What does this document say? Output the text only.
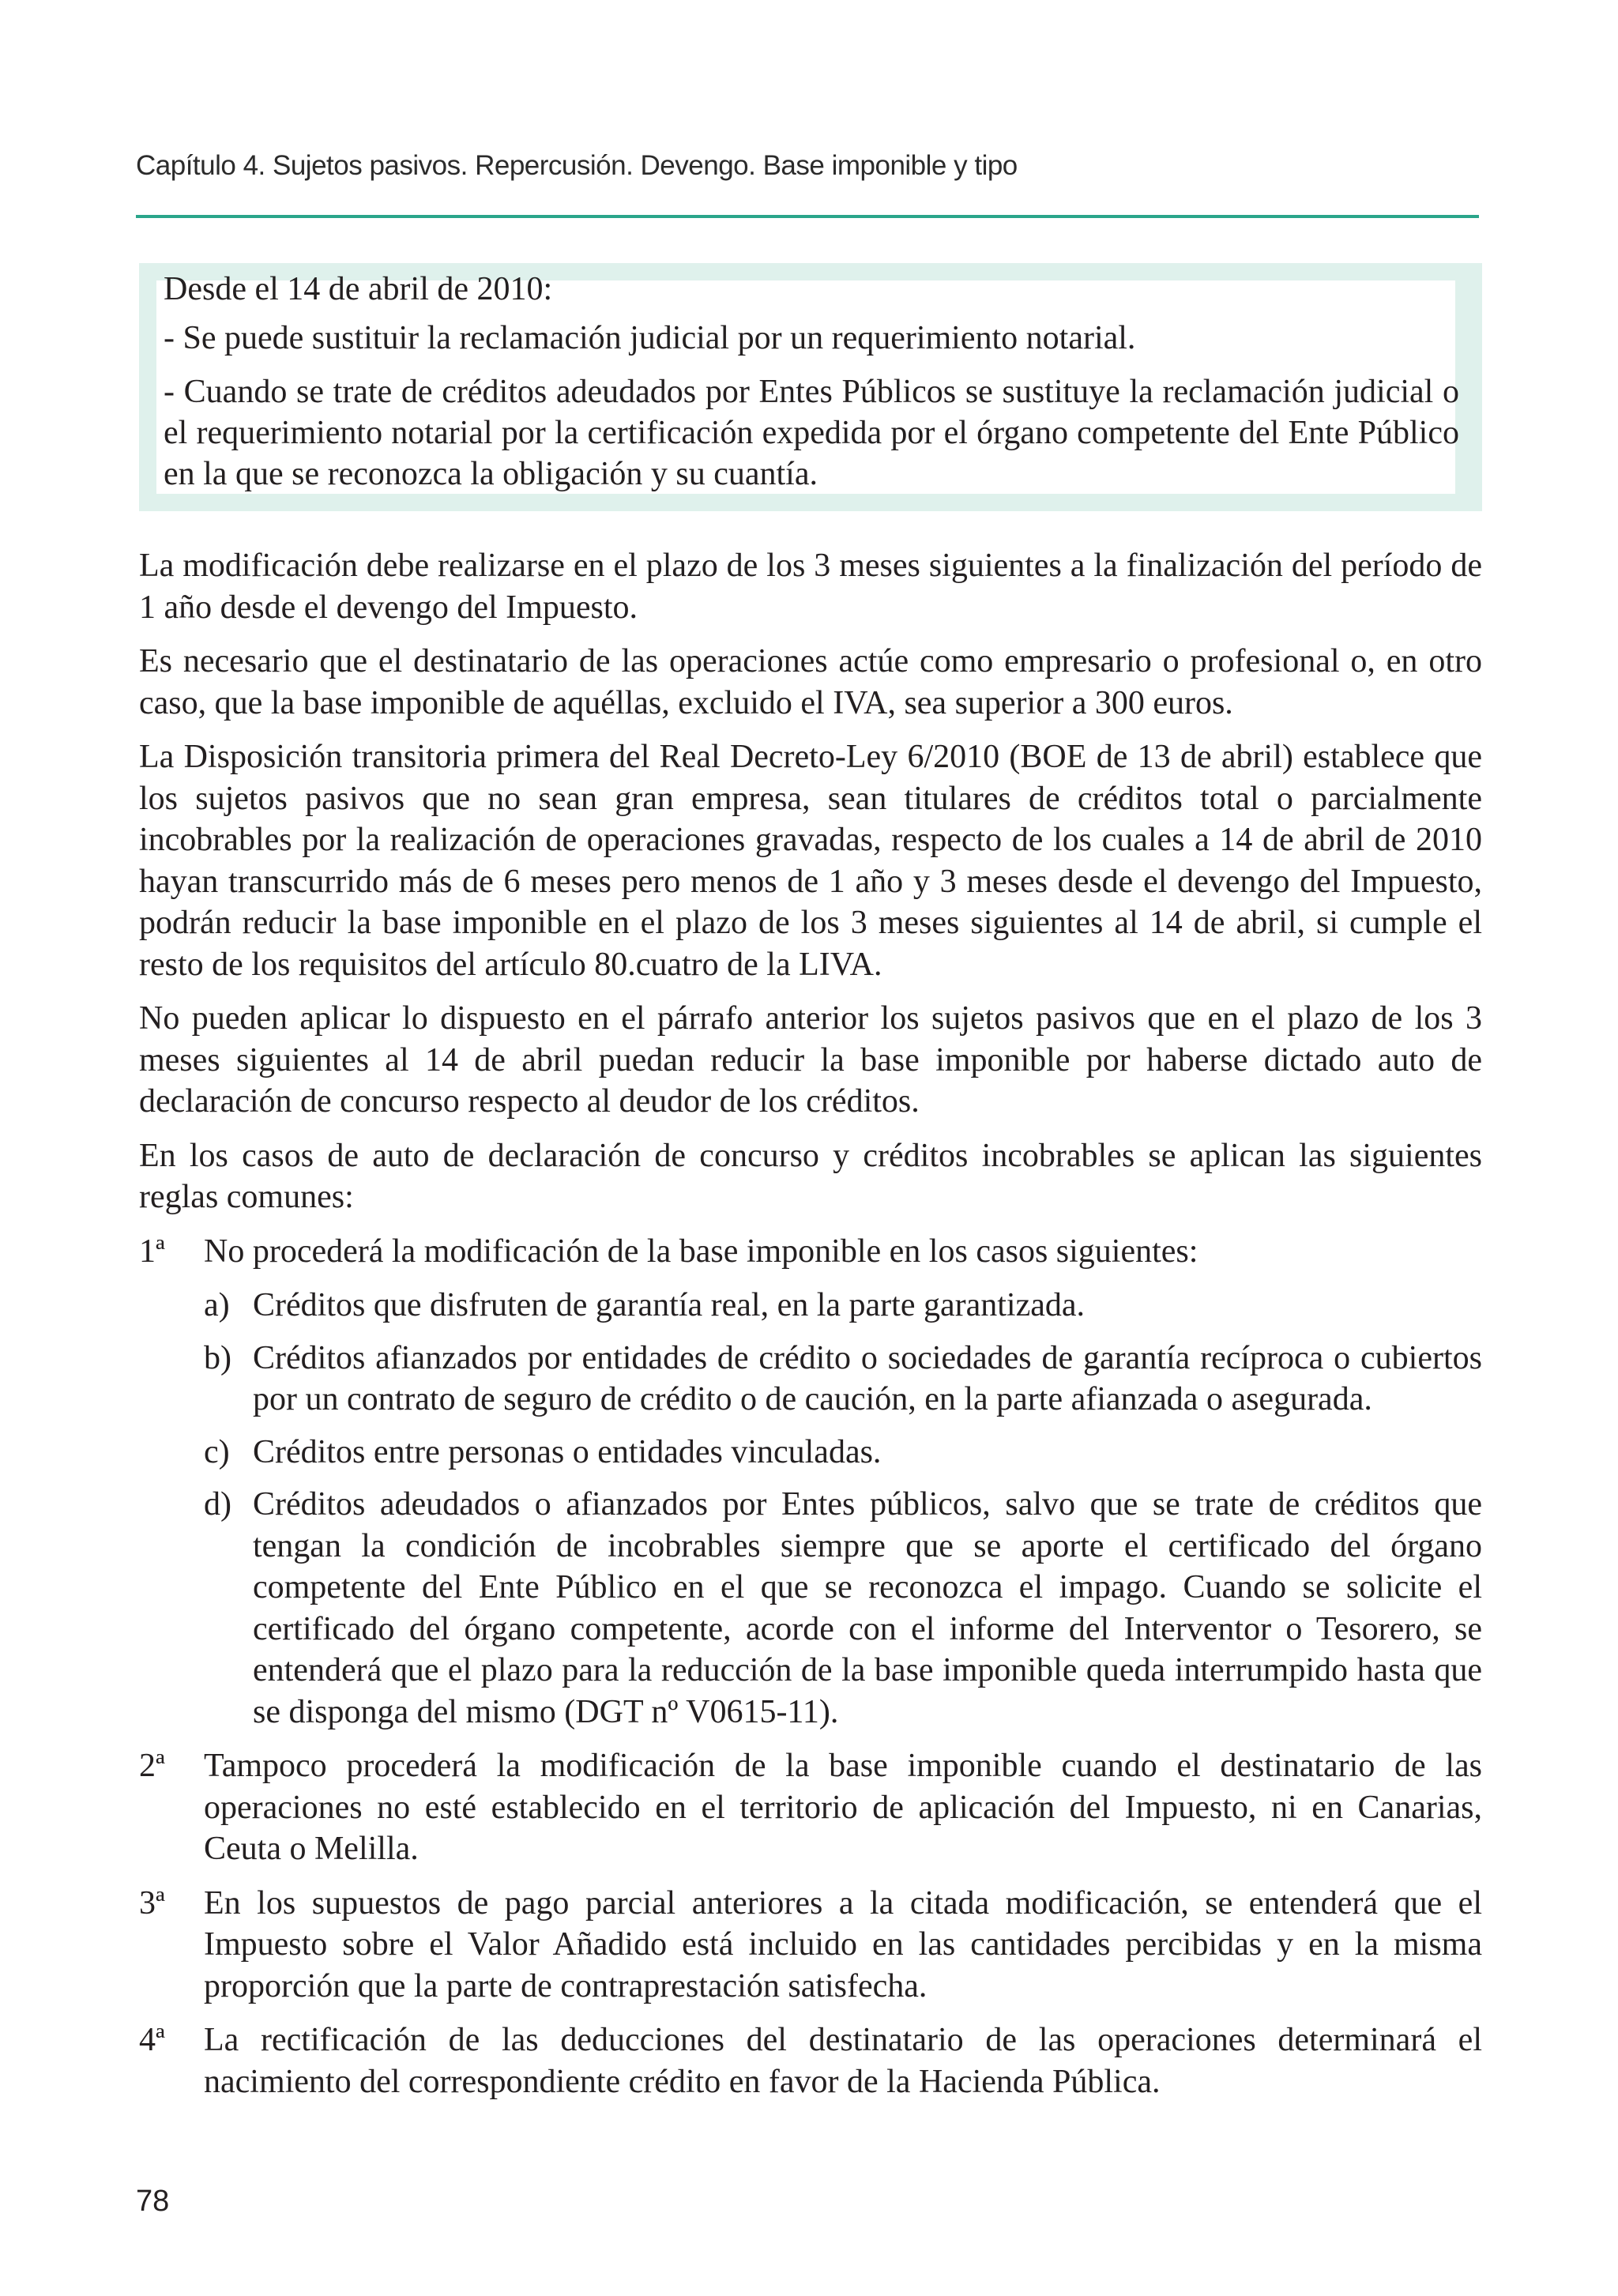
Capítulo 4. Sujetos pasivos. Repercusión. Devengo. Base imponible y tipo

Desde el 14 de abril de 2010:

- Se puede sustituir la reclamación judicial por un requerimiento notarial.

- Cuando se trate de créditos adeudados por Entes Públicos se sustituye la reclamación judicial o el requerimiento notarial por la certificación expedida por el órgano competente del Ente Público en la que se reconozca la obligación y su cuantía.

La modificación debe realizarse en el plazo de los 3 meses siguientes a la finalización del período de 1 año desde el devengo del Impuesto.

Es necesario que el destinatario de las operaciones actúe como empresario o profesional o, en otro caso, que la base imponible de aquéllas, excluido el IVA, sea superior a 300 euros.

La Disposición transitoria primera del Real Decreto-Ley 6/2010 (BOE de 13 de abril) establece que los sujetos pasivos que no sean gran empresa, sean titulares de créditos total o parcialmente incobrables por la realización de operaciones gravadas, respecto de los cuales a 14 de abril de 2010 hayan transcurrido más de 6 meses pero menos de 1 año y 3 meses desde el devengo del Impuesto, podrán reducir la base imponible en el plazo de los 3 meses siguientes al 14 de abril, si cumple el resto de los requisitos del artículo 80.cuatro de la LIVA.

No pueden aplicar lo dispuesto en el párrafo anterior los sujetos pasivos que en el plazo de los 3 meses siguientes al 14 de abril puedan reducir la base imponible por haberse dictado auto de declaración de concurso respecto al deudor de los créditos.

En los casos de auto de declaración de concurso y créditos incobrables se aplican las siguientes reglas comunes:

1ª No procederá la modificación de la base imponible en los casos siguientes:
a) Créditos que disfruten de garantía real, en la parte garantizada.
b) Créditos afianzados por entidades de crédito o sociedades de garantía recíproca o cubiertos por un contrato de seguro de crédito o de caución, en la parte afianzada o asegurada.
c) Créditos entre personas o entidades vinculadas.
d) Créditos adeudados o afianzados por Entes públicos, salvo que se trate de créditos que tengan la condición de incobrables siempre que se aporte el certificado del órgano competente del Ente Público en el que se reconozca el impago. Cuando se solicite el certificado del órgano competente, acorde con el informe del Interventor o Tesorero, se entenderá que el plazo para la reducción de la base imponible queda interrumpido hasta que se disponga del mismo (DGT nº V0615-11).
2ª Tampoco procederá la modificación de la base imponible cuando el destinatario de las operaciones no esté establecido en el territorio de aplicación del Impuesto, ni en Canarias, Ceuta o Melilla.
3ª En los supuestos de pago parcial anteriores a la citada modificación, se entenderá que el Impuesto sobre el Valor Añadido está incluido en las cantidades percibidas y en la misma proporción que la parte de contraprestación satisfecha.
4ª La rectificación de las deducciones del destinatario de las operaciones determinará el nacimiento del correspondiente crédito en favor de la Hacienda Pública.
78
